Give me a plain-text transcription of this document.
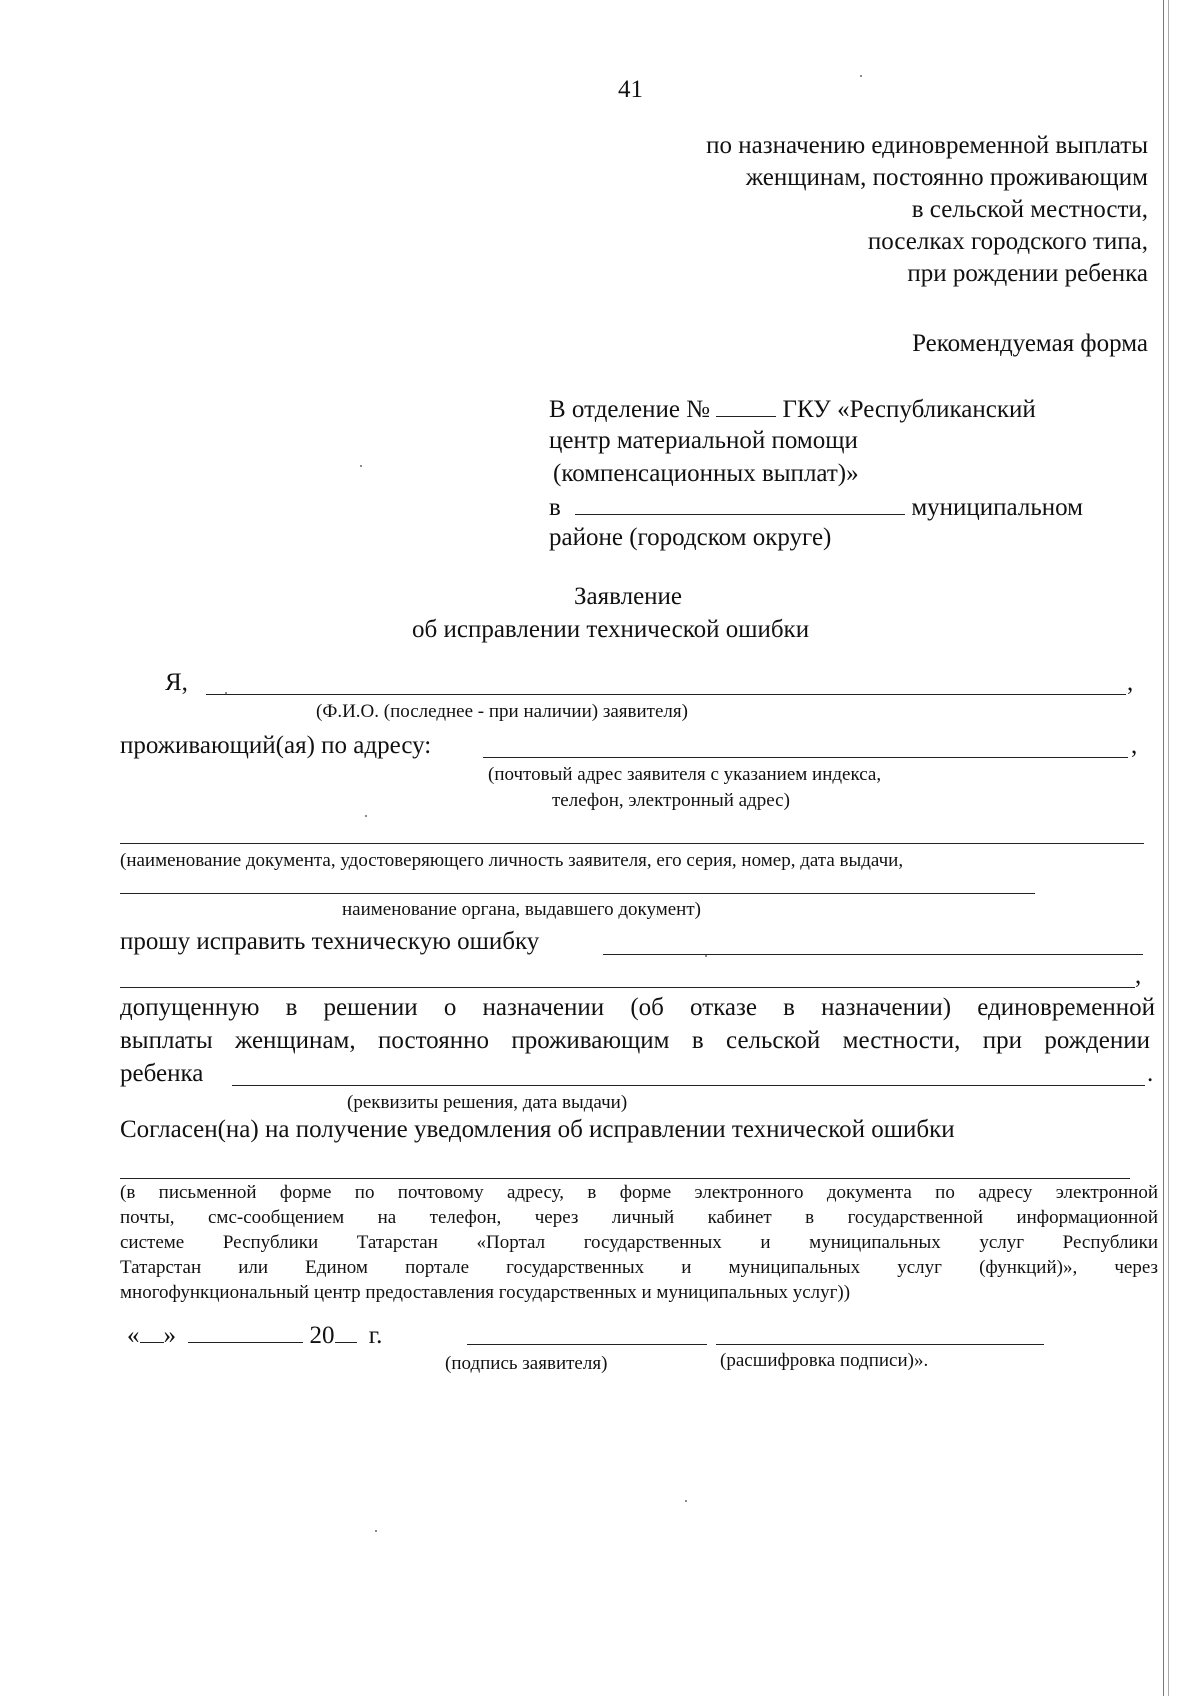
41
по назначению единовременной выплаты
женщинам, постоянно проживающим
в сельской местности,
поселках городского типа,
при рождении ребенка
Рекомендуемая форма
В отделение №	ГКУ «Республиканский
центр материальной помощи
(компенсационных выплат)»
в	муниципальном
районе (городском округе)
Заявление
об исправлении технической ошибки
Я,	,
(Ф.И.О. (последнее - при наличии) заявителя)
проживающий(ая) по адресу:	,
(почтовый адрес заявителя с указанием индекса,
телефон, электронный адрес)
(наименование документа, удостоверяющего личность заявителя, его серия, номер, дата выдачи,
наименование органа, выдавшего документ)
прошу исправить техническую ошибку
,
допущенную в решении о назначении (об отказе в назначении) единовременной
выплаты женщинам, постоянно проживающим в сельской местности, при рождении
ребенка	.
(реквизиты решения, дата выдачи)
Согласен(на) на получение уведомления об исправлении технической ошибки
(в письменной форме по почтовому адресу, в форме электронного документа по адресу электронной
почты, смс-сообщением на телефон, через личный кабинет в государственной информационной
системе Республики Татарстан «Портал государственных и муниципальных услуг Республики
Татарстан или Едином портале государственных и муниципальных услуг (функций)», через
многофункциональный центр предоставления государственных и муниципальных услуг))
« »	20 г.
(подпись заявителя)	(расшифровка подписи)».
